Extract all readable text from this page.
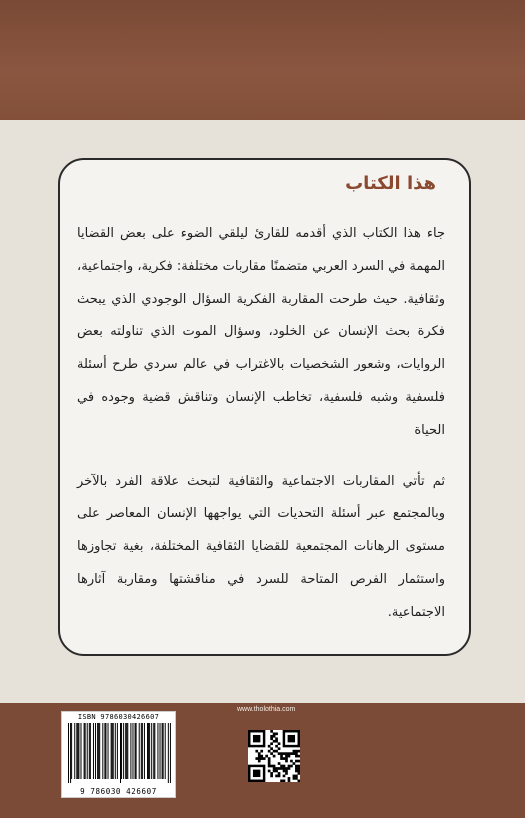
هذا الكتاب

جاء هذا الكتاب الذي أقدمه للقارئ ليلقي الضوء على بعض القضايا المهمة في السرد العربي متضمنًا مقاربات مختلفة: فكرية، واجتماعية، وثقافية. حيث طرحت المقاربة الفكرية السؤال الوجودي الذي يبحث فكرة بحث الإنسان عن الخلود، وسؤال الموت الذي تناولته بعض الروايات، وشعور الشخصيات بالاغتراب في عالم سردي طرح أسئلة فلسفية وشبه فلسفية، تخاطب الإنسان وتناقش قضية وجوده في الحياة

ثم تأتي المقاربات الاجتماعية والثقافية لتبحث علاقة الفرد بالآخر وبالمجتمع عبر أسئلة التحديات التي يواجهها الإنسان المعاصر على مستوى الرهانات المجتمعية للقضايا الثقافية المختلفة، بغية تجاوزها واستثمار الفرص المتاحة للسرد في مناقشتها ومقاربة آثارها الاجتماعية.

ISBN 9786030426607
9 786030 426607
www.tholothia.com
